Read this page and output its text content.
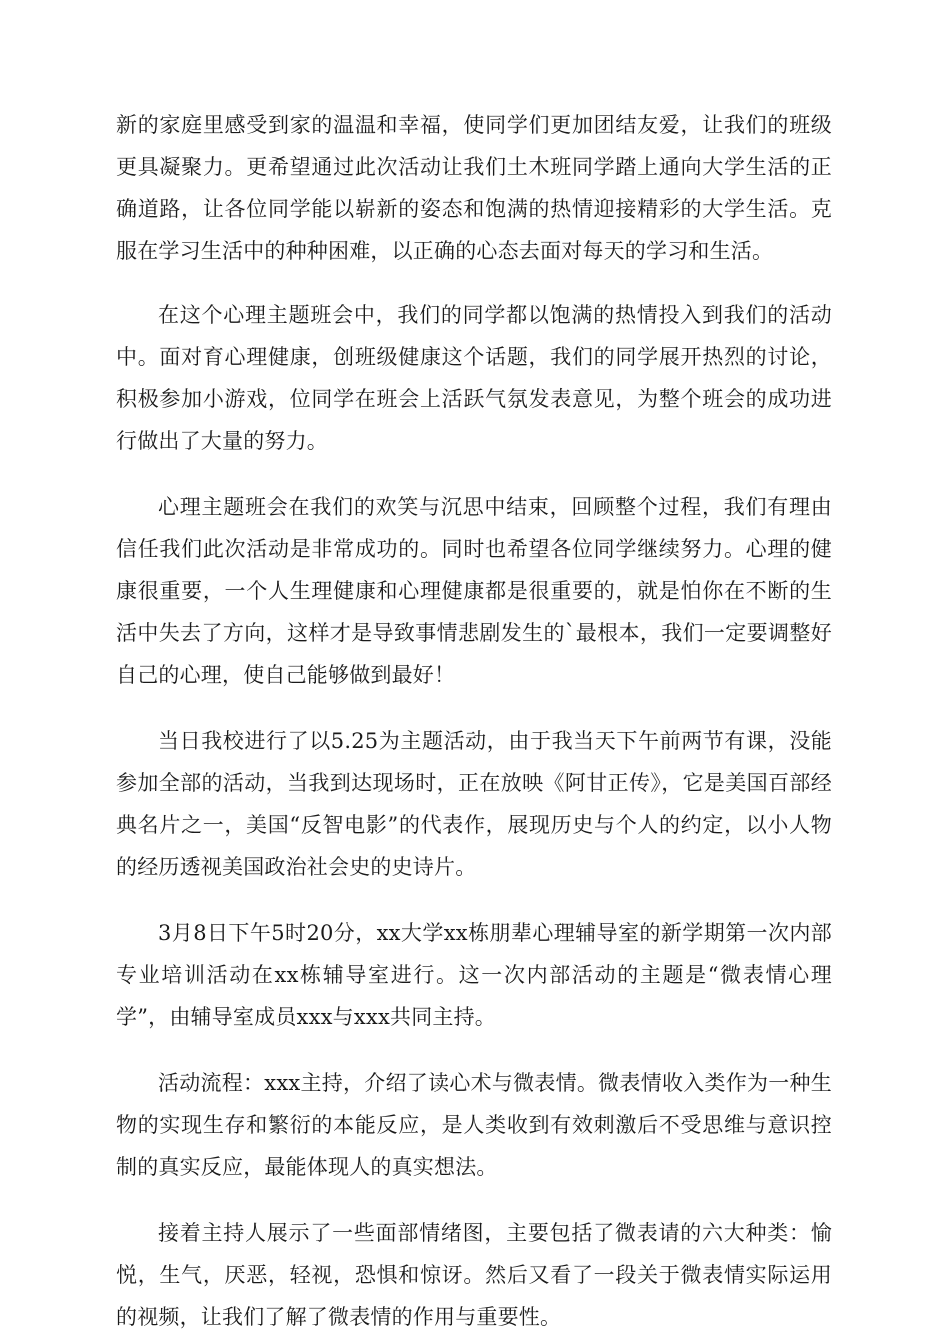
新的家庭里感受到家的温温和幸福，使同学们更加团结友爱，让我们的班级更具凝聚力。更希望通过此次活动让我们土木班同学踏上通向大学生活的正确道路，让各位同学能以崭新的姿态和饱满的热情迎接精彩的大学生活。克服在学习生活中的种种困难，以正确的心态去面对每天的学习和生活。

在这个心理主题班会中，我们的同学都以饱满的热情投入到我们的活动中。面对育心理健康，创班级健康这个话题，我们的同学展开热烈的讨论，积极参加小游戏，位同学在班会上活跃气氛发表意见，为整个班会的成功进行做出了大量的努力。

心理主题班会在我们的欢笑与沉思中结束，回顾整个过程，我们有理由信任我们此次活动是非常成功的。同时也希望各位同学继续努力。心理的健康很重要，一个人生理健康和心理健康都是很重要的，就是怕你在不断的生活中失去了方向，这样才是导致事情悲剧发生的`最根本，我们一定要调整好自己的心理，使自己能够做到最好！

当日我校进行了以5.25为主题活动，由于我当天下午前两节有课，没能参加全部的活动，当我到达现场时，正在放映《阿甘正传》，它是美国百部经典名片之一，美国“反智电影”的代表作，展现历史与个人的约定，以小人物的经历透视美国政治社会史的史诗片。

3月8日下午5时20分，xx大学xx栋朋辈心理辅导室的新学期第一次内部专业培训活动在xx栋辅导室进行。这一次内部活动的主题是“微表情心理学”，由辅导室成员xxx与xxx共同主持。

活动流程：xxx主持，介绍了读心术与微表情。微表情收入类作为一种生物的实现生存和繁衍的本能反应，是人类收到有效刺激后不受思维与意识控制的真实反应，最能体现人的真实想法。

接着主持人展示了一些面部情绪图，主要包括了微表请的六大种类：愉悦，生气，厌恶，轻视，恐惧和惊讶。然后又看了一段关于微表情实际运用的视频，让我们了解了微表情的作用与重要性。
